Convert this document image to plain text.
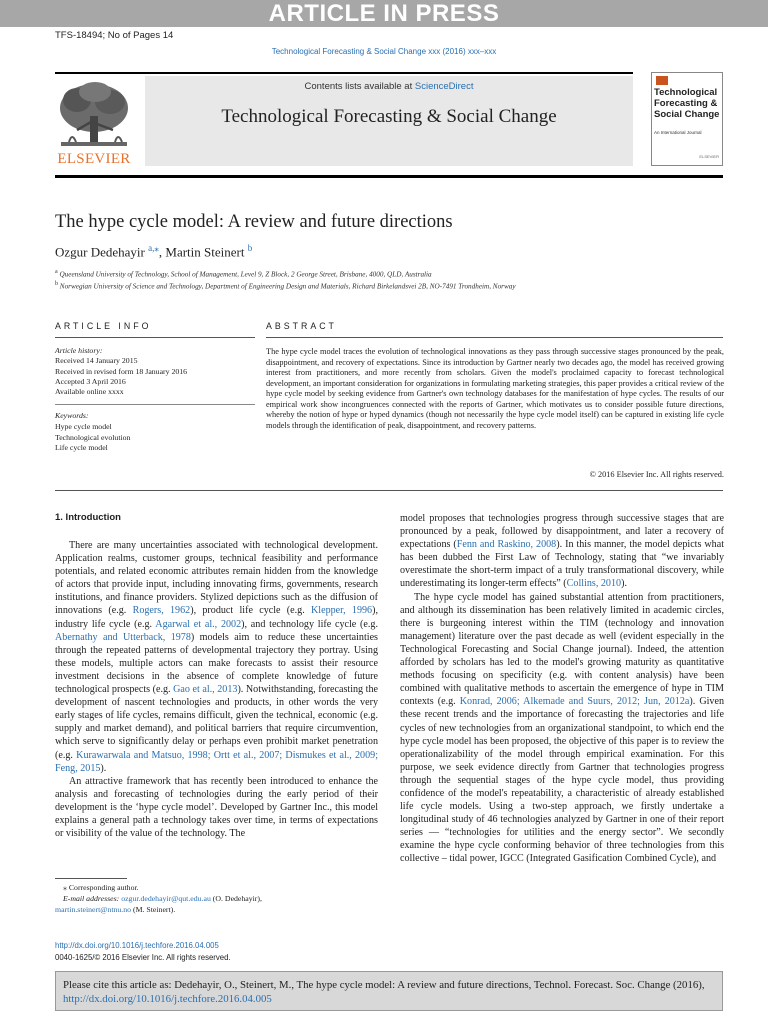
ARTICLE IN PRESS
TFS-18494; No of Pages 14
Technological Forecasting & Social Change xxx (2016) xxx–xxx
Contents lists available at ScienceDirect
Technological Forecasting & Social Change
ELSEVIER
Technological Forecasting & Social Change
An International Journal
ELSEVIER
The hype cycle model: A review and future directions
Ozgur Dedehayir $^{a,⁎}$, Martin Steinert $^b$
$^a$ Queensland University of Technology, School of Management, Level 9, Z Block, 2 George Street, Brisbane, 4000, QLD, Australia
$^b$ Norwegian University of Science and Technology, Department of Engineering Design and Materials, Richard Birkelandsvei 2B, NO-7491 Trondheim, Norway
ARTICLE INFO	ABSTRACT
Article history:
Received 14 January 2015
Received in revised form 18 January 2016
Accepted 3 April 2016
Available online xxxx
Keywords:
Hype cycle model
Technological evolution
Life cycle model
The hype cycle model traces the evolution of technological innovations as they pass through successive stages pronounced by the peak, disappointment, and recovery of expectations. Since its introduction by Gartner nearly two decades ago, the model has received growing interest from practitioners, and more recently from scholars. Given the model's proclaimed capacity to forecast technological development, an important consideration for organizations in formulating marketing strategies, this paper provides a critical review of the hype cycle model by seeking evidence from Gartner's own technology databases for the manifestation of hype cycles. The results of our empirical work show incongruences connected with the reports of Gartner, which motivates us to consider possible future directions, whereby the notion of hype or hyped dynamics (though not necessarily the hype cycle model itself) can be captured in existing life cycle models through the identification of peak, disappointment, and recovery patterns.
© 2016 Elsevier Inc. All rights reserved.
1. Introduction

There are many uncertainties associated with technological development. Application realms, customer groups, technical feasibility and performance potentials, and related economic attributes remain hidden from the knowledge of actors that provide input, including innovating firms, governments, research institutions, and finance providers. Stylized depictions such as the diffusion of innovations (e.g. Rogers, 1962), product life cycle (e.g. Klepper, 1996), industry life cycle (e.g. Agarwal et al., 2002), and technology life cycle (e.g. Abernathy and Utterback, 1978) models aim to reduce these uncertainties through the repeated patterns of developmental trajectory they portray. Using these models, multiple actors can make forecasts to assist their resource investment decisions in the absence of complete knowledge of future technological prospects (e.g. Gao et al., 2013). Notwithstanding, forecasting the development of nascent technologies and products, in other words the very early stages of life cycles, remains difficult, given the technical, economic (e.g. supply and market demand), and political barriers that require circumvention, which serve to significantly delay or perhaps even prohibit market penetration (e.g. Kurawarwala and Matsuo, 1998; Ortt et al., 2007; Dismukes et al., 2009; Feng, 2015).

An attractive framework that has recently been introduced to enhance the analysis and forecasting of technologies during the early period of their development is the ‘hype cycle model’. Developed by Gartner Inc., this model explains a general path a technology takes over time, in terms of expectations or visibility of the value of the technology. The

model proposes that technologies progress through successive stages that are pronounced by a peak, followed by disappointment, and later a recovery of expectations (Fenn and Raskino, 2008). In this manner, the model depicts what has been dubbed the First Law of Technology, stating that “we invariably overestimate the short-term impact of a truly transformational discovery, while underestimating its longer-term effects” (Collins, 2010).

The hype cycle model has gained substantial attention from practitioners, and although its dissemination has been relatively limited in academic circles, there is burgeoning interest within the TIM (technology and innovation management) literature over the past decade as well (evident especially in the Technological Forecasting and Social Change journal). Indeed, the attention afforded by scholars has led to the model's growing maturity as quantitative methods focusing on specificity (e.g. with content analysis) have been combined with qualitative methods to ascertain the emergence of hype in TIM contexts (e.g. Konrad, 2006; Alkemade and Suurs, 2012; Jun, 2012a). Given these recent trends and the importance of forecasting the trajectories and life cycles of new technologies from an organizational standpoint, to which end the hype cycle model has been proposed, the objective of this paper is to review the operationalizability of the model through empirical examination. For this purpose, we seek evidence directly from Gartner that technologies progress through the sequential stages of the hype cycle model, thus providing confidence of the model's repeatability, a characteristic of already established life cycle models. Using a two-step approach, we firstly undertake a longitudinal study of 46 technologies analyzed by Gartner in one of their report series — “technologies for utilities and the energy sector”. We secondly examine the hype cycle conforming behavior of three technologies from this collective – tidal power, IGCC (Integrated Gasification Combined Cycle), and

⁎ Corresponding author.
E-mail addresses: ozgur.dedehayir@qut.edu.au (O. Dedehayir),
martin.steinert@ntnu.no (M. Steinert).
http://dx.doi.org/10.1016/j.techfore.2016.04.005
0040-1625/© 2016 Elsevier Inc. All rights reserved.
Please cite this article as: Dedehayir, O., Steinert, M., The hype cycle model: A review and future directions, Technol. Forecast. Soc. Change (2016),
http://dx.doi.org/10.1016/j.techfore.2016.04.005
